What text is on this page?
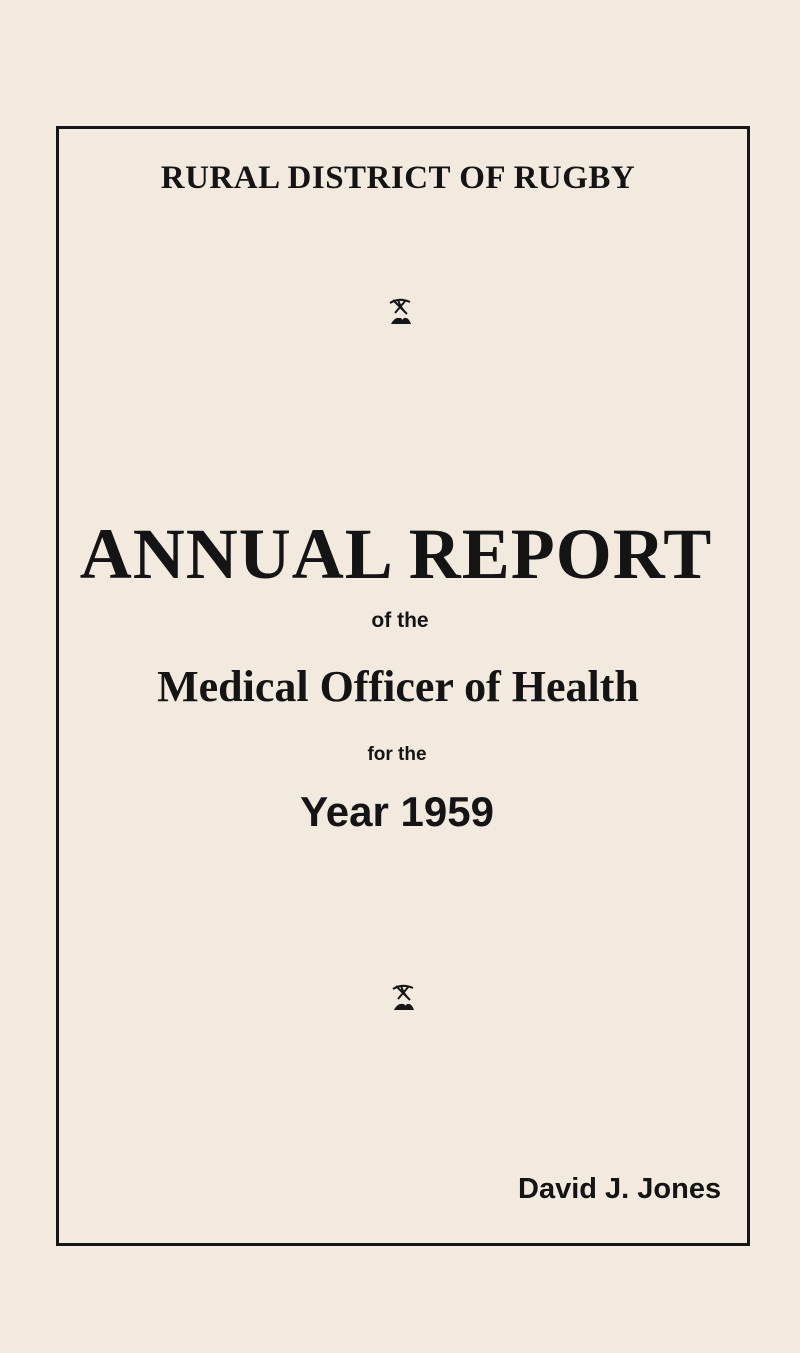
RURAL DISTRICT OF RUGBY
ANNUAL REPORT
of the
Medical Officer of Health
for the
Year 1959
David J. Jones
